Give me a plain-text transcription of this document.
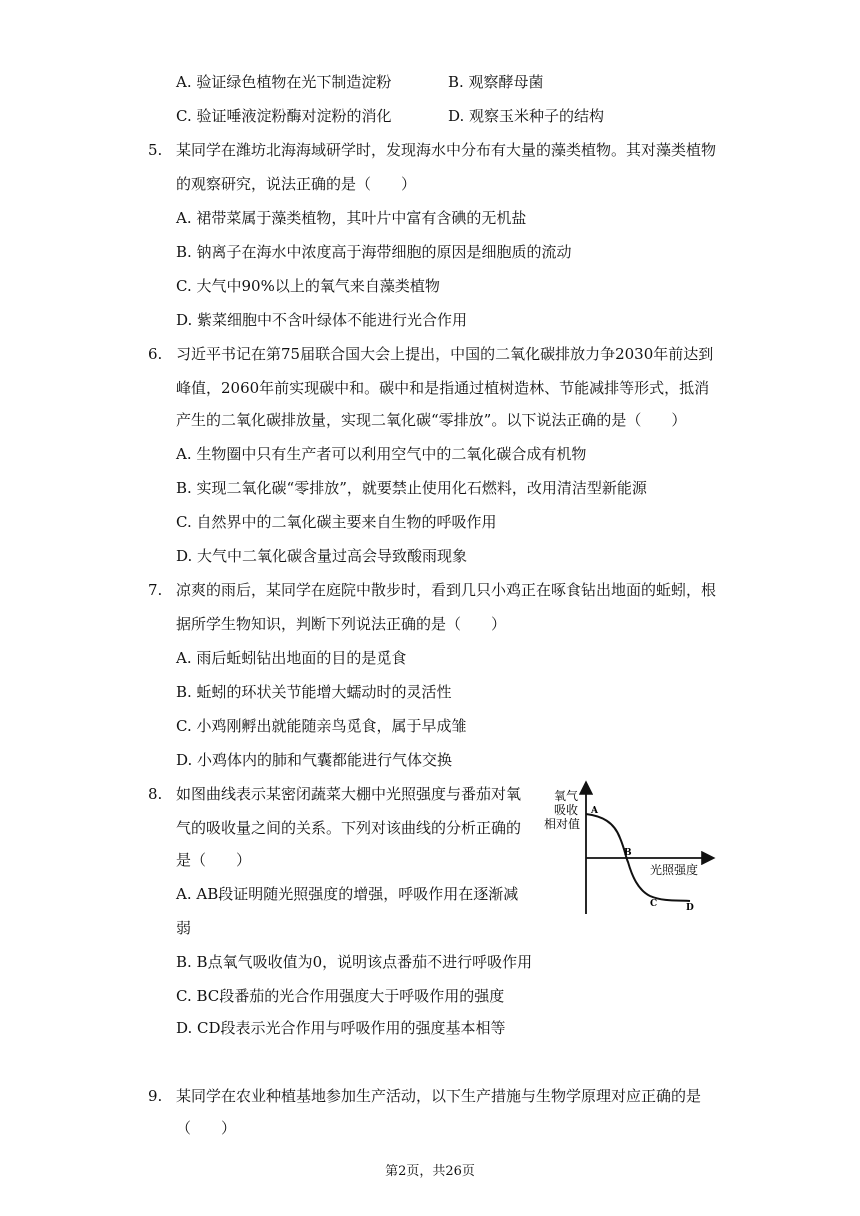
A. 验证绿色植物在光下制造淀粉	B. 观察酵母菌
C. 验证唾液淀粉酶对淀粉的消化	D. 观察玉米种子的结构
5. 某同学在潍坊北海海域研学时，发现海水中分布有大量的藻类植物。其对藻类植物
的观察研究，说法正确的是（　　）
A. 裙带菜属于藻类植物，其叶片中富有含碘的无机盐
B. 钠离子在海水中浓度高于海带细胞的原因是细胞质的流动
C. 大气中90%以上的氧气来自藻类植物
D. 紫菜细胞中不含叶绿体不能进行光合作用
6. 习近平书记在第75届联合国大会上提出，中国的二氧化碳排放力争2030年前达到
峰值，2060年前实现碳中和。碳中和是指通过植树造林、节能减排等形式，抵消
产生的二氧化碳排放量，实现二氧化碳“零排放”。以下说法正确的是（　　）
A. 生物圈中只有生产者可以利用空气中的二氧化碳合成有机物
B. 实现二氧化碳“零排放”，就要禁止使用化石燃料，改用清洁型新能源
C. 自然界中的二氧化碳主要来自生物的呼吸作用
D. 大气中二氧化碳含量过高会导致酸雨现象
7. 凉爽的雨后，某同学在庭院中散步时，看到几只小鸡正在啄食钻出地面的蚯蚓，根
据所学生物知识，判断下列说法正确的是（　　）
A. 雨后蚯蚓钻出地面的目的是觅食
B. 蚯蚓的环状关节能增大蠕动时的灵活性
C. 小鸡刚孵出就能随亲鸟觅食，属于早成雏
D. 小鸡体内的肺和气囊都能进行气体交换
8. 如图曲线表示某密闭蔬菜大棚中光照强度与番茄对氧
气的吸收量之间的关系。下列对该曲线的分析正确的
是（　　）
A. AB段证明随光照强度的增强，呼吸作用在逐渐减
弱
B. B点氧气吸收值为0，说明该点番茄不进行呼吸作用
C. BC段番茄的光合作用强度大于呼吸作用的强度
D. CD段表示光合作用与呼吸作用的强度基本相等
氧气
吸收
相对值
光照强度
A
B
C	D
9. 某同学在农业种植基地参加生产活动，以下生产措施与生物学原理对应正确的是
（　　）
第2页，共26页
